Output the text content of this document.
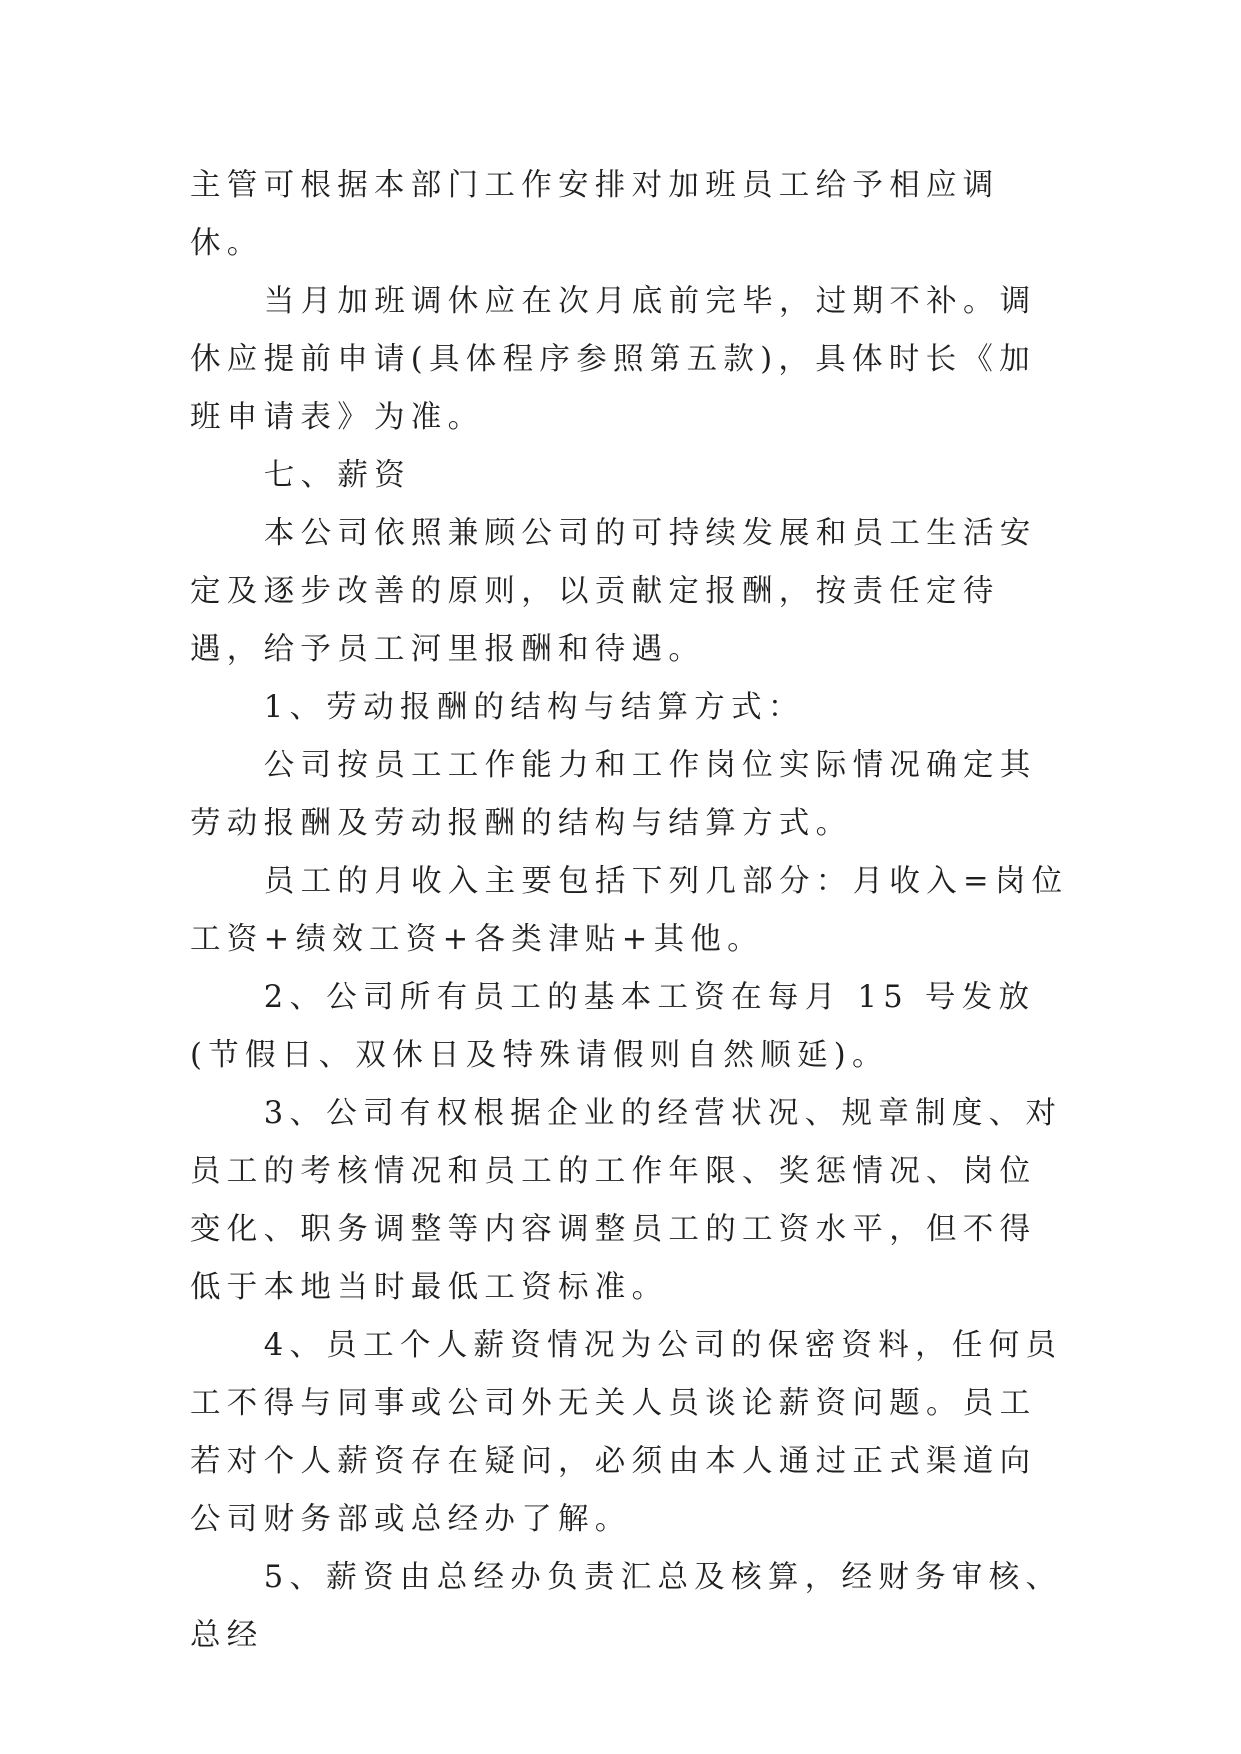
主管可根据本部门工作安排对加班员工给予相应调休。

当月加班调休应在次月底前完毕，过期不补。调休应提前申请(具体程序参照第五款)，具体时长《加班申请表》为准。

七、薪资

本公司依照兼顾公司的可持续发展和员工生活安定及逐步改善的原则，以贡献定报酬，按责任定待遇，给予员工河里报酬和待遇。

1、劳动报酬的结构与结算方式：

公司按员工工作能力和工作岗位实际情况确定其劳动报酬及劳动报酬的结构与结算方式。

员工的月收入主要包括下列几部分：月收入=岗位工资+绩效工资+各类津贴+其他。

2、公司所有员工的基本工资在每月 15 号发放(节假日、双休日及特殊请假则自然顺延)。

3、公司有权根据企业的经营状况、规章制度、对员工的考核情况和员工的工作年限、奖惩情况、岗位变化、职务调整等内容调整员工的工资水平，但不得低于本地当时最低工资标准。

4、员工个人薪资情况为公司的保密资料，任何员工不得与同事或公司外无关人员谈论薪资问题。员工若对个人薪资存在疑问，必须由本人通过正式渠道向公司财务部或总经办了解。

5、薪资由总经办负责汇总及核算，经财务审核、总经
